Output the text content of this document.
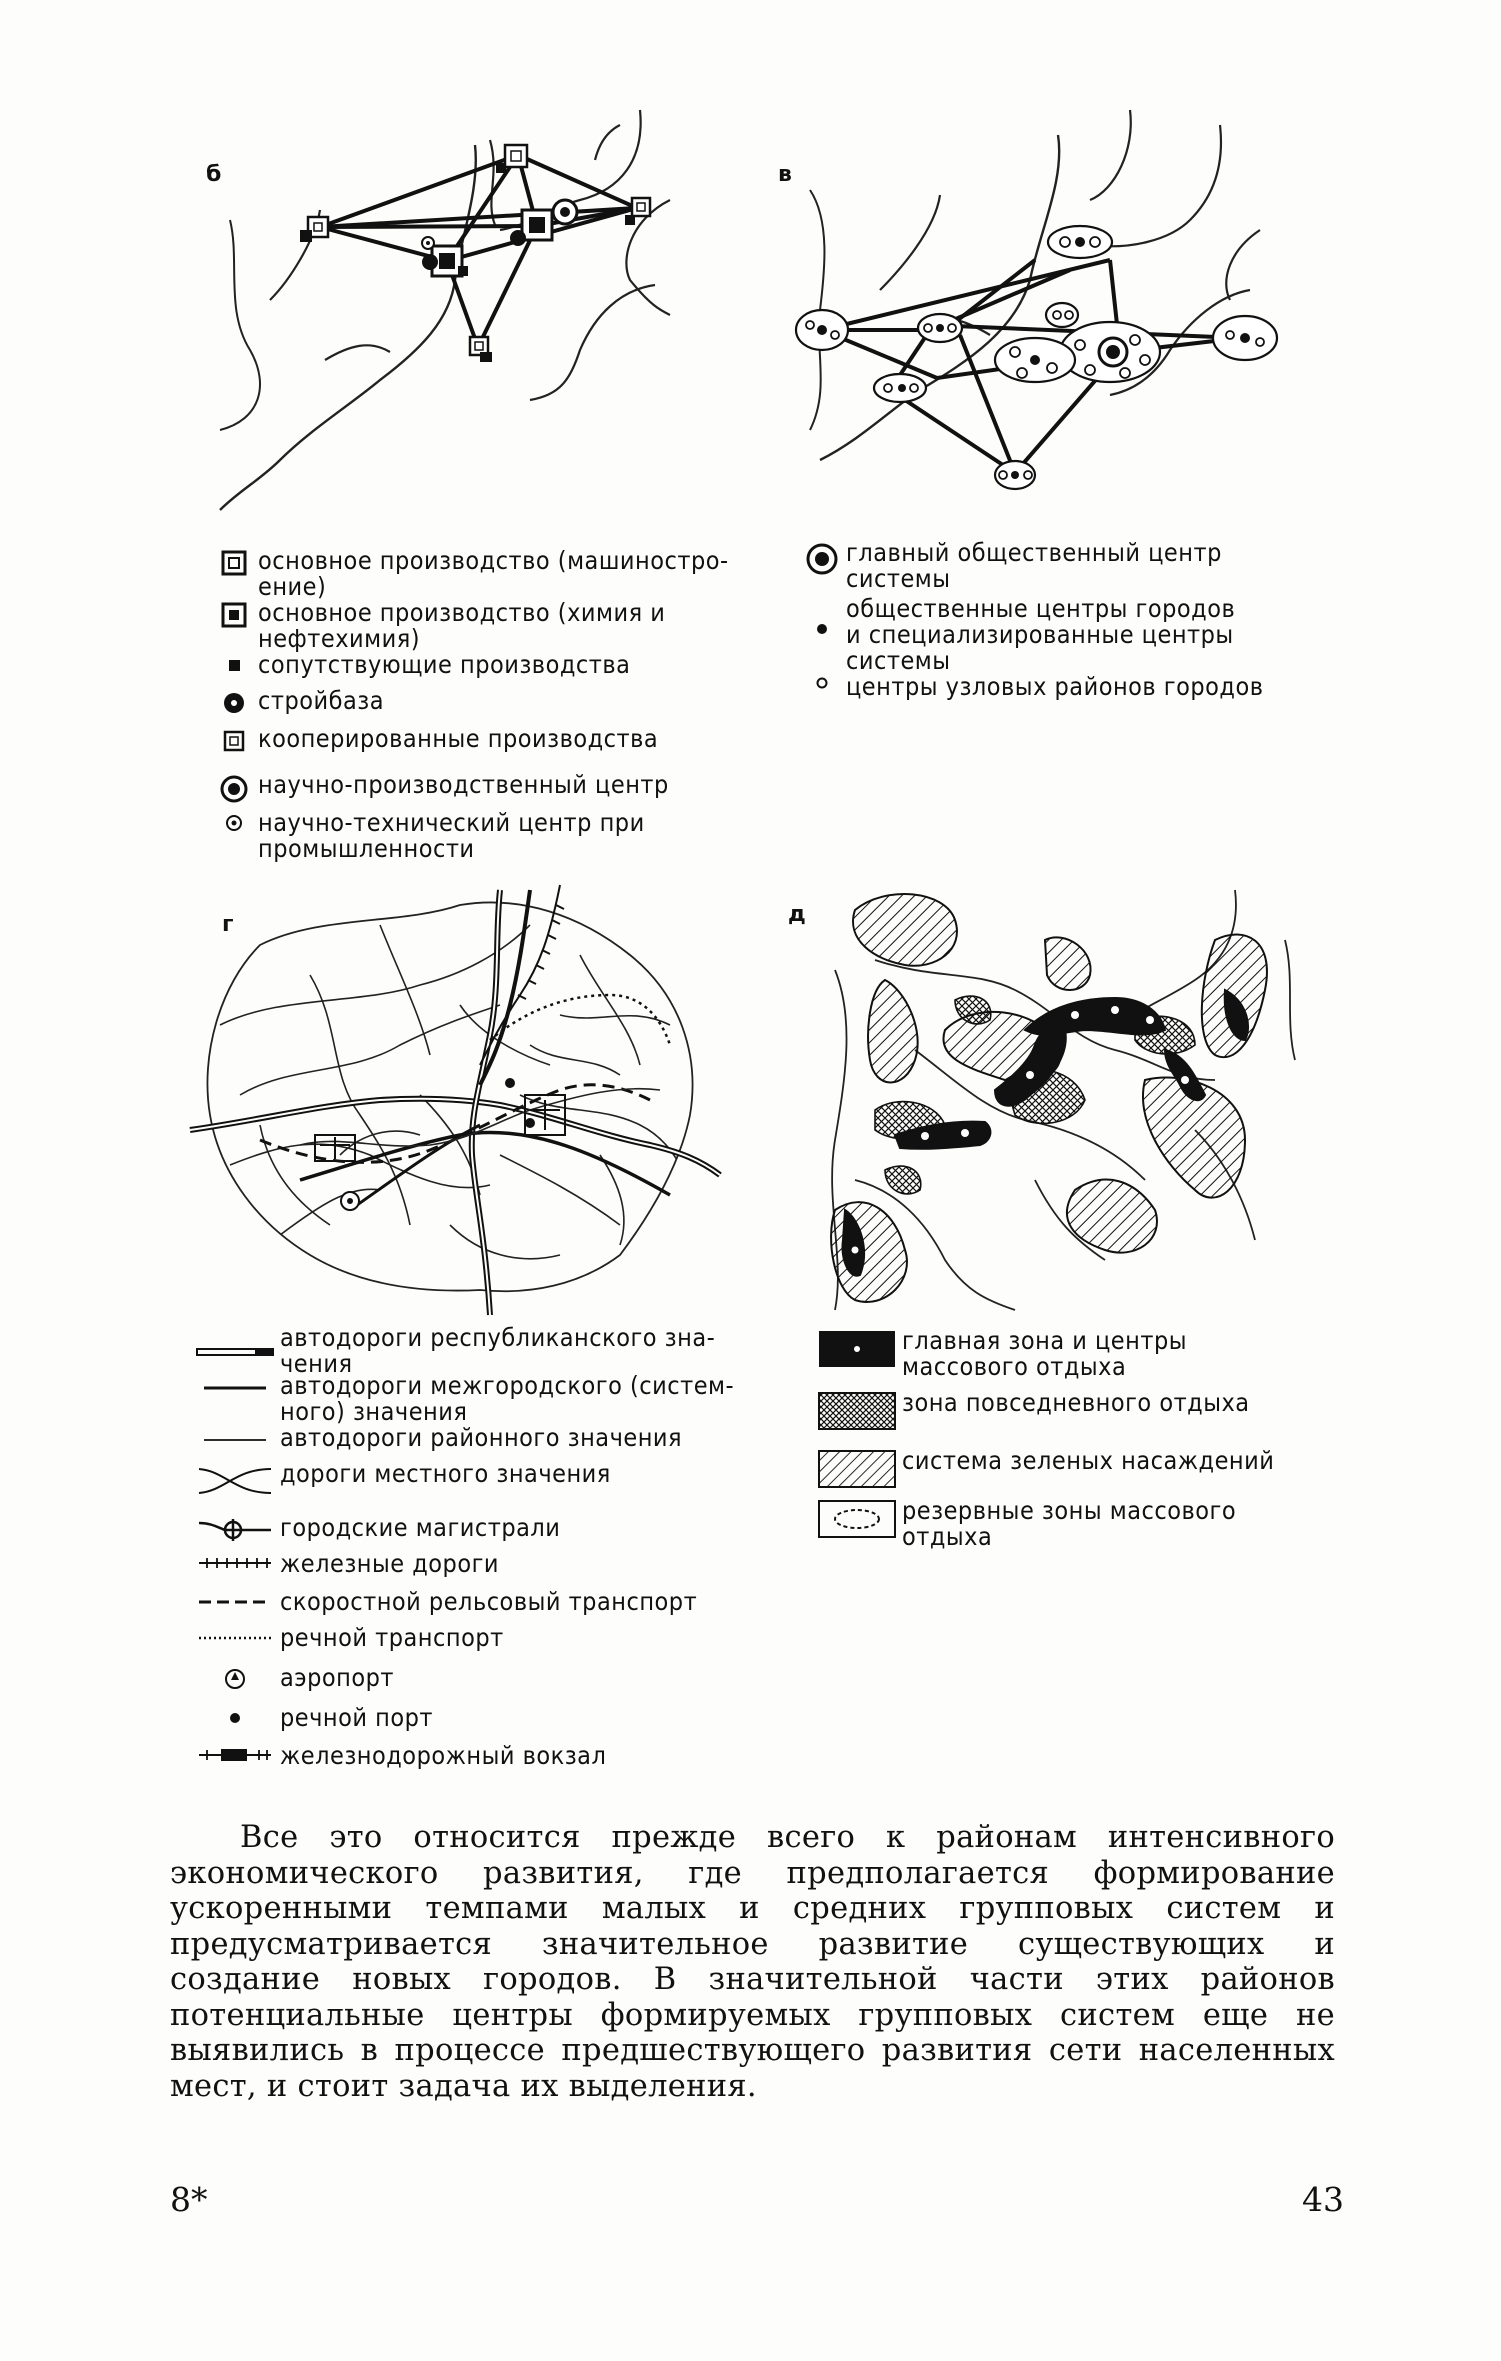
б
основное производство (машиностро-
ение)
основное производство (химия и
нефтехимия)
сопутствующие производства
стройбаза
кооперированные производства
научно-производственный центр
научно-технический центр при
промышленности
в
главный общественный центр
системы
общественные центры городов
и специализированные центры
системы
центры узловых районов городов
г
автодороги республиканского зна-
чения
автодороги межгородского (систем-
ного) значения
автодороги районного значения
дороги местного значения
городские магистрали
железные дороги
скоростной рельсовый транспорт
речной транспорт
аэропорт
речной порт
железнодорожный вокзал
д
главная зона и центры
массового отдыха
зона повседневного отдыха
система зеленых насаждений
резервные зоны массового
отдыха

Все это относится прежде всего к районам интенсивного экономического развития, где предполагается формирование ускоренными темпами малых и средних групповых систем и предусматривается значительное развитие существующих и создание новых городов. В значительной части этих районов потенциальные центры формируемых групповых систем еще не выявились в процессе предшествующего развития сети населенных мест, и стоит задача их выделения.

8*	43
